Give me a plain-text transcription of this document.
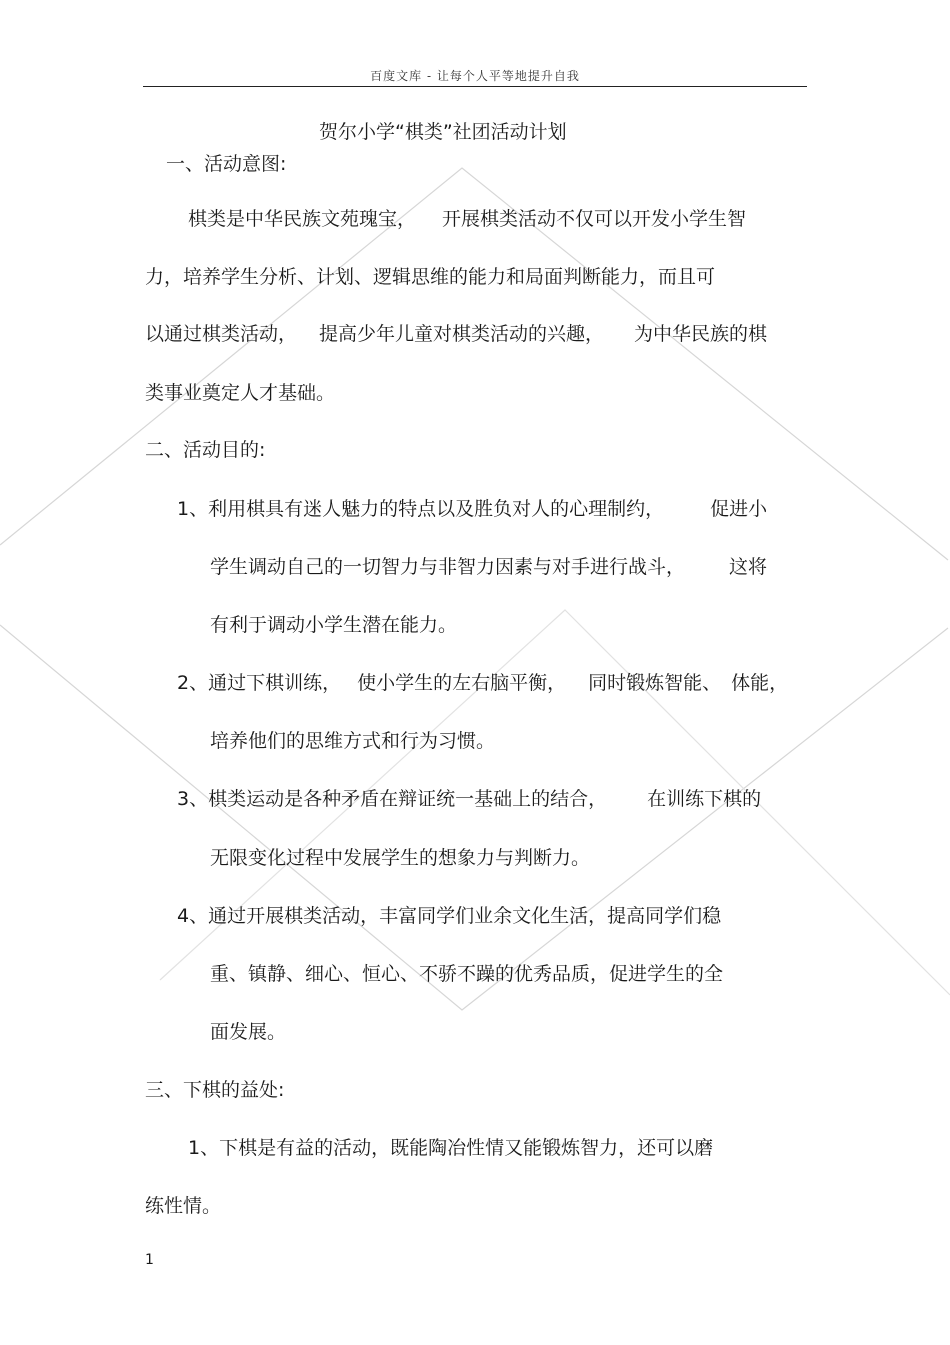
百度文库 - 让每个人平等地提升自我
贺尔小学“棋类”社团活动计划
一、活动意图:
棋类是中华民族文苑瑰宝， 开展棋类活动不仅可以开发小学生智
力，培养学生分析、计划、逻辑思维的能力和局面判断能力，而且可
以通过棋类活动， 提高少年儿童对棋类活动的兴趣， 为中华民族的棋
类事业奠定人才基础。
二、活动目的:
1、利用棋具有迷人魅力的特点以及胜负对人的心理制约， 促进小
学生调动自己的一切智力与非智力因素与对手进行战斗， 这将
有利于调动小学生潜在能力。
2、通过下棋训练， 使小学生的左右脑平衡， 同时锻炼智能、 体能，
培养他们的思维方式和行为习惯。
3、棋类运动是各种矛盾在辩证统一基础上的结合， 在训练下棋的
无限变化过程中发展学生的想象力与判断力。
4、通过开展棋类活动，丰富同学们业余文化生活，提高同学们稳
重、镇静、细心、恒心、不骄不躁的优秀品质，促进学生的全
面发展。
三、下棋的益处:
1、下棋是有益的活动，既能陶冶性情又能锻炼智力，还可以磨
练性情。
1
